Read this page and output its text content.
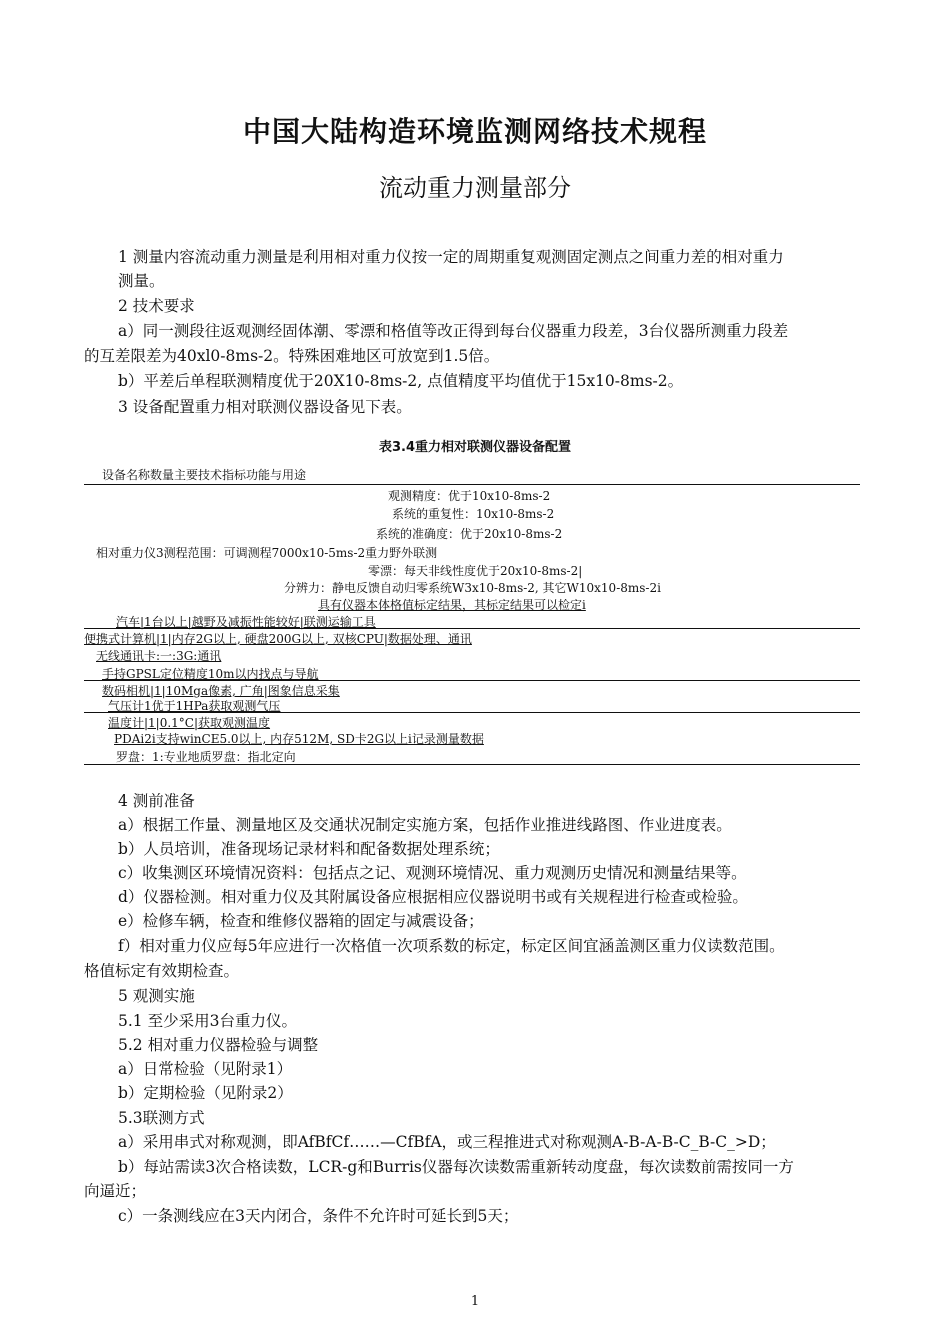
中国大陆构造环境监测网络技术规程
流动重力测量部分
1 测量内容流动重力测量是利用相对重力仪按一定的周期重复观测固定测点之间重力差的相对重力
测量。
2 技术要求
a）同一测段往返观测经固体潮、零漂和格值等改正得到每台仪器重力段差，3台仪器所测重力段差
的互差限差为40xl0-8ms-2。特殊困难地区可放宽到1.5倍。
b）平差后单程联测精度优于20X10-8ms-2, 点值精度平均值优于15x10-8ms-2。
3 设备配置重力相对联测仪器设备见下表。
表3.4重力相对联测仪器设备配置
设备名称数量主要技术指标功能与用途
观测精度：优于10x10-8ms-2
系统的重复性：10x10-8ms-2
系统的准确度：优于20x10-8ms-2
相对重力仪3测程范围：可调测程7000x10-5ms-2重力野外联测
零漂：每天非线性度优于20x10-8ms-2|
分辨力：静电反馈自动归零系统W3x10-8ms-2, 其它W10x10-8ms-2i
具有仪器本体格值标定结果，其标定结果可以检定i
汽车|1台以上|越野及减振性能较好|联测运输工具
便携式计算机|1|内存2G以上, 硬盘200G以上, 双核CPU|数据处理、通讯
无线通讯卡:一:3G:通讯
手持GPSL定位精度10m以内找点与导航
数码相机|1|10Mga像素, 广角|图象信息采集
气压计1优于1HPa获取观测气压
温度计|1|0.1°C|获取观测温度
PDAi2i支持winCE5.0以上, 内存512M, SD卡2G以上i记录测量数据
罗盘：1:专业地质罗盘：指北定向
4 测前准备
a）根据工作量、测量地区及交通状况制定实施方案，包括作业推进线路图、作业进度表。
b）人员培训，准备现场记录材料和配备数据处理系统；
c）收集测区环境情况资料：包括点之记、观测环境情况、重力观测历史情况和测量结果等。
d）仪器检测。相对重力仪及其附属设备应根据相应仪器说明书或有关规程进行检查或检验。
e）检修车辆，检查和维修仪器箱的固定与减震设备；
f）相对重力仪应每5年应进行一次格值一次项系数的标定，标定区间宜涵盖测区重力仪读数范围。
格值标定有效期检查。
5 观测实施
5.1 至少采用3台重力仪。
5.2 相对重力仪器检验与调整
a）日常检验（见附录1）
b）定期检验（见附录2）
5.3联测方式
a）采用串式对称观测，即AfBfCf……—CfBfA，或三程推进式对称观测A-B-A-B-C_B-C_>D；
b）每站需读3次合格读数，LCR-g和Burris仪器每次读数需重新转动度盘，每次读数前需按同一方
向逼近；
c）一条测线应在3天内闭合，条件不允许时可延长到5天；
1
